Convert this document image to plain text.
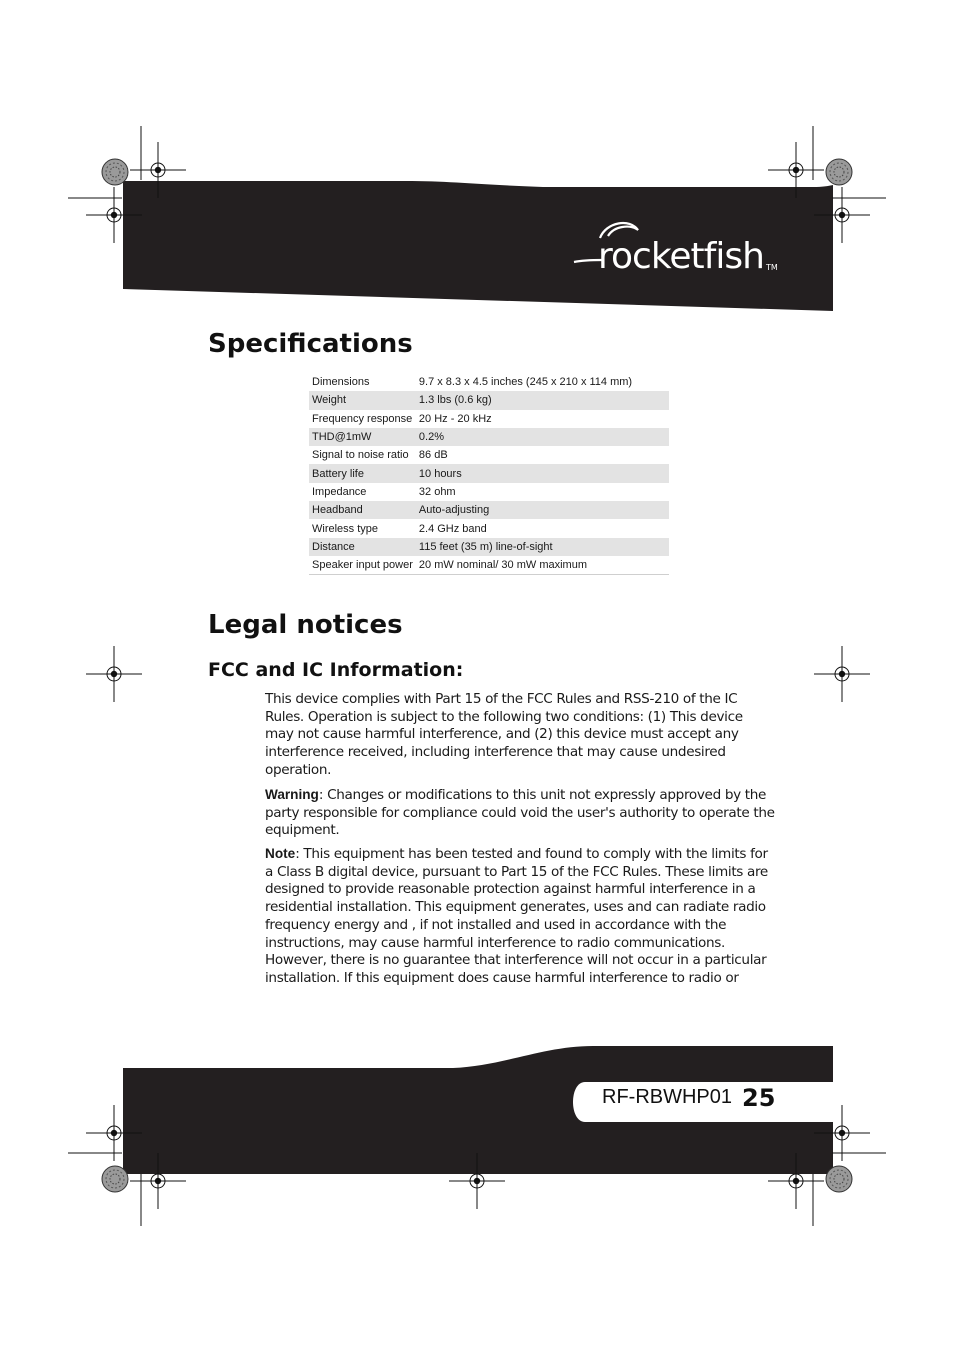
rocketfish TM
Specifications
Dimensions	9.7 x 8.3 x 4.5 inches (245 x 210 x 114 mm)
Weight	1.3 lbs (0.6 kg)
Frequency response	20 Hz - 20 kHz
THD@1mW	0.2%
Signal to noise ratio	86 dB
Battery life	10 hours
Impedance	32 ohm
Headband	Auto-adjusting
Wireless type	2.4 GHz band
Distance	115 feet (35 m) line-of-sight
Speaker input power	20 mW nominal/ 30 mW maximum
Legal notices
FCC and IC Information:

This device complies with Part 15 of the FCC Rules and RSS-210 of the IC Rules. Operation is subject to the following two conditions: (1) This device may not cause harmful interference, and (2) this device must accept any interference received, including interference that may cause undesired operation.

Warning: Changes or modifications to this unit not expressly approved by the party responsible for compliance could void the user's authority to operate the equipment.

Note: This equipment has been tested and found to comply with the limits for a Class B digital device, pursuant to Part 15 of the FCC Rules. These limits are designed to provide reasonable protection against harmful interference in a residential installation. This equipment generates, uses and can radiate radio frequency energy and , if not installed and used in accordance with the instructions, may cause harmful interference to radio communications. However, there is no guarantee that interference will not occur in a particular installation. If this equipment does cause harmful interference to radio or

RF-RBWHP01 25
